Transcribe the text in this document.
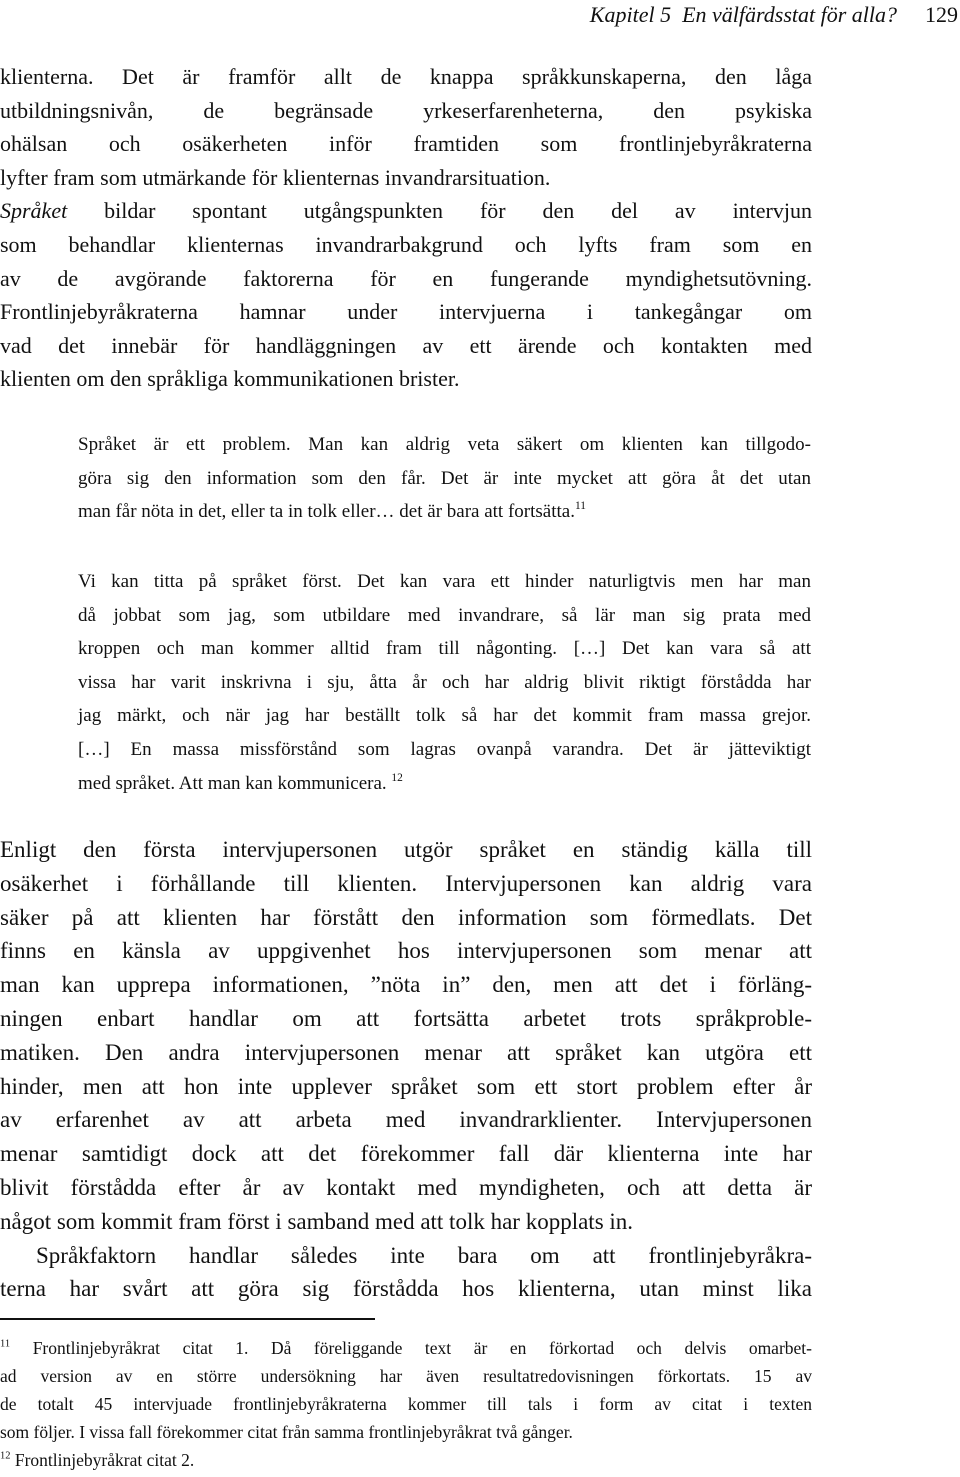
Kapitel 5 En välfärdsstat för alla? 129
klienterna. Det är framför allt de knappa språkkunskaperna, den låga
utbildningsnivån, de begränsade yrkeserfarenheterna, den psykiska
ohälsan och osäkerheten inför framtiden som frontlinjebyråkraterna
lyfter fram som utmärkande för klienternas invandrarsituation.
Språket bildar spontant utgångspunkten för den del av intervjun
som behandlar klienternas invandrarbakgrund och lyfts fram som en
av de avgörande faktorerna för en fungerande myndighetsutövning.
Frontlinjebyråkraterna hamnar under intervjuerna i tankegångar om
vad det innebär för handläggningen av ett ärende och kontakten med
klienten om den språkliga kommunikationen brister.
Språket är ett problem. Man kan aldrig veta säkert om klienten kan tillgodo-
göra sig den information som den får. Det är inte mycket att göra åt det utan
man får nöta in det, eller ta in tolk eller… det är bara att fortsätta.$^{11}$
Vi kan titta på språket först. Det kan vara ett hinder naturligtvis men har man
då jobbat som jag, som utbildare med invandrare, så lär man sig prata med
kroppen och man kommer alltid fram till någonting. […] Det kan vara så att
vissa har varit inskrivna i sju, åtta år och har aldrig blivit riktigt förstådda har
jag märkt, och när jag har beställt tolk så har det kommit fram massa grejor.
[…] En massa missförstånd som lagras ovanpå varandra. Det är jätteviktigt
med språket. Att man kan kommunicera. $^{12}$
Enligt den första intervjupersonen utgör språket en ständig källa till
osäkerhet i förhållande till klienten. Intervjupersonen kan aldrig vara
säker på att klienten har förstått den information som förmedlats. Det
finns en känsla av uppgivenhet hos intervjupersonen som menar att
man kan upprepa informationen, ”nöta in” den, men att det i förläng-
ningen enbart handlar om att fortsätta arbetet trots språkproble-
matiken. Den andra intervjupersonen menar att språket kan utgöra ett
hinder, men att hon inte upplever språket som ett stort problem efter år
av erfarenhet av att arbeta med invandrarklienter. Intervjupersonen
menar samtidigt dock att det förekommer fall där klienterna inte har
blivit förstådda efter år av kontakt med myndigheten, och att detta är
något som kommit fram först i samband med att tolk har kopplats in.
Språkfaktorn handlar således inte bara om att frontlinjebyråkra-
terna har svårt att göra sig förstådda hos klienterna, utan minst lika
$^{11}$ Frontlinjebyråkrat citat 1. Då föreliggande text är en förkortad och delvis omarbet-
ad version av en större undersökning har även resultatredovisningen förkortats. 15 av
de totalt 45 intervjuade frontlinjebyråkraterna kommer till tals i form av citat i texten
som följer. I vissa fall förekommer citat från samma frontlinjebyråkrat två gånger.
$^{12}$ Frontlinjebyråkrat citat 2.
